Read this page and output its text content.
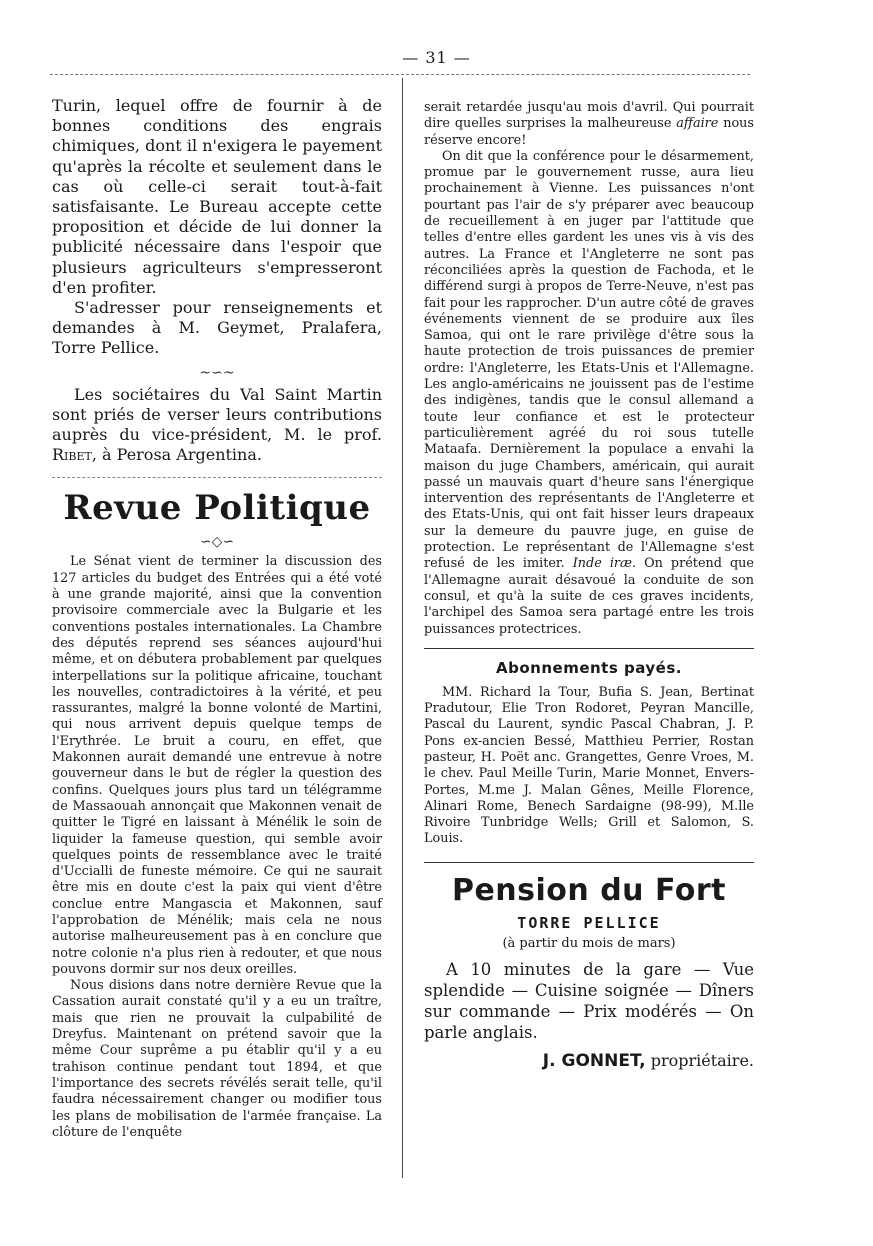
— 31 —

Turin, lequel offre de fournir à de bonnes conditions des engrais chimiques, dont il n'exigera le payement qu'après la récolte et seulement dans le cas où celle-ci serait tout-à-fait satisfaisante. Le Bureau accepte cette proposition et décide de lui donner la publicité nécessaire dans l'espoir que plusieurs agriculteurs s'empresseront d'en profiter.

S'adresser pour renseignements et demandes à M. Geymet, Pralafera, Torre Pellice.

~∽~

Les sociétaires du Val Saint Martin sont priés de verser leurs contributions auprès du vice-président, M. le prof. Ribet, à Perosa Argentina.

Revue Politique
∽◇∽

Le Sénat vient de terminer la discussion des 127 articles du budget des Entrées qui a été voté à une grande majorité, ainsi que la convention provisoire commerciale avec la Bulgarie et les conventions postales internationales. La Chambre des députés reprend ses séances aujourd'hui même, et on débutera probablement par quelques interpellations sur la politique africaine, touchant les nouvelles, contradictoires à la vérité, et peu rassurantes, malgré la bonne volonté de Martini, qui nous arrivent depuis quelque temps de l'Erythrée. Le bruit a couru, en effet, que Makonnen aurait demandé une entrevue à notre gouverneur dans le but de régler la question des confins. Quelques jours plus tard un télégramme de Massaouah annonçait que Makonnen venait de quitter le Tigré en laissant à Ménélik le soin de liquider la fameuse question, qui semble avoir quelques points de ressemblance avec le traité d'Uccialli de funeste mémoire. Ce qui ne saurait être mis en doute c'est la paix qui vient d'être conclue entre Mangascia et Makonnen, sauf l'approbation de Ménélik; mais cela ne nous autorise malheureusement pas à en conclure que notre colonie n'a plus rien à redouter, et que nous pouvons dormir sur nos deux oreilles.

Nous disions dans notre dernière Revue que la Cassation aurait constaté qu'il y a eu un traître, mais que rien ne prouvait la culpabilité de Dreyfus. Maintenant on prétend savoir que la même Cour suprême a pu établir qu'il y a eu trahison continue pendant tout 1894, et que l'importance des secrets révélés serait telle, qu'il faudra nécessairement changer ou modifier tous les plans de mobilisation de l'armée française. La clôture de l'enquête

serait retardée jusqu'au mois d'avril. Qui pourrait dire quelles surprises la malheureuse affaire nous réserve encore!

On dit que la conférence pour le désarmement, promue par le gouvernement russe, aura lieu prochainement à Vienne. Les puissances n'ont pourtant pas l'air de s'y préparer avec beaucoup de recueillement à en juger par l'attitude que telles d'entre elles gardent les unes vis à vis des autres. La France et l'Angleterre ne sont pas réconciliées après la question de Fachoda, et le différend surgi à propos de Terre-Neuve, n'est pas fait pour les rapprocher. D'un autre côté de graves événements viennent de se produire aux îles Samoa, qui ont le rare privilège d'être sous la haute protection de trois puissances de premier ordre: l'Angleterre, les Etats-Unis et l'Allemagne. Les anglo-américains ne jouissent pas de l'estime des indigènes, tandis que le consul allemand a toute leur confiance et est le protecteur particulièrement agréé du roi sous tutelle Mataafa. Dernièrement la populace a envahi la maison du juge Chambers, américain, qui aurait passé un mauvais quart d'heure sans l'énergique intervention des représentants de l'Angleterre et des Etats-Unis, qui ont fait hisser leurs drapeaux sur la demeure du pauvre juge, en guise de protection. Le représentant de l'Allemagne s'est refusé de les imiter. Inde iræ. On prétend que l'Allemagne aurait désavoué la conduite de son consul, et qu'à la suite de ces graves incidents, l'archipel des Samoa sera partagé entre les trois puissances protectrices.

Abonnements payés.

MM. Richard la Tour, Bufia S. Jean, Bertinat Pradutour, Elie Tron Rodoret, Peyran Mancille, Pascal du Laurent, syndic Pascal Chabran, J. P. Pons ex-ancien Bessé, Matthieu Perrier, Rostan pasteur, H. Poët anc. Grangettes, Genre Vroes, M. le chev. Paul Meille Turin, Marie Monnet, Envers-Portes, M.me J. Malan Gênes, Meille Florence, Alinari Rome, Benech Sardaigne (98-99), M.lle Rivoire Tunbridge Wells; Grill et Salomon, S. Louis.

Pension du Fort
TORRE PELLICE
(à partir du mois de mars)

A 10 minutes de la gare — Vue splendide — Cuisine soignée — Dîners sur commande — Prix modérés — On parle anglais.

J. GONNET, propriétaire.
